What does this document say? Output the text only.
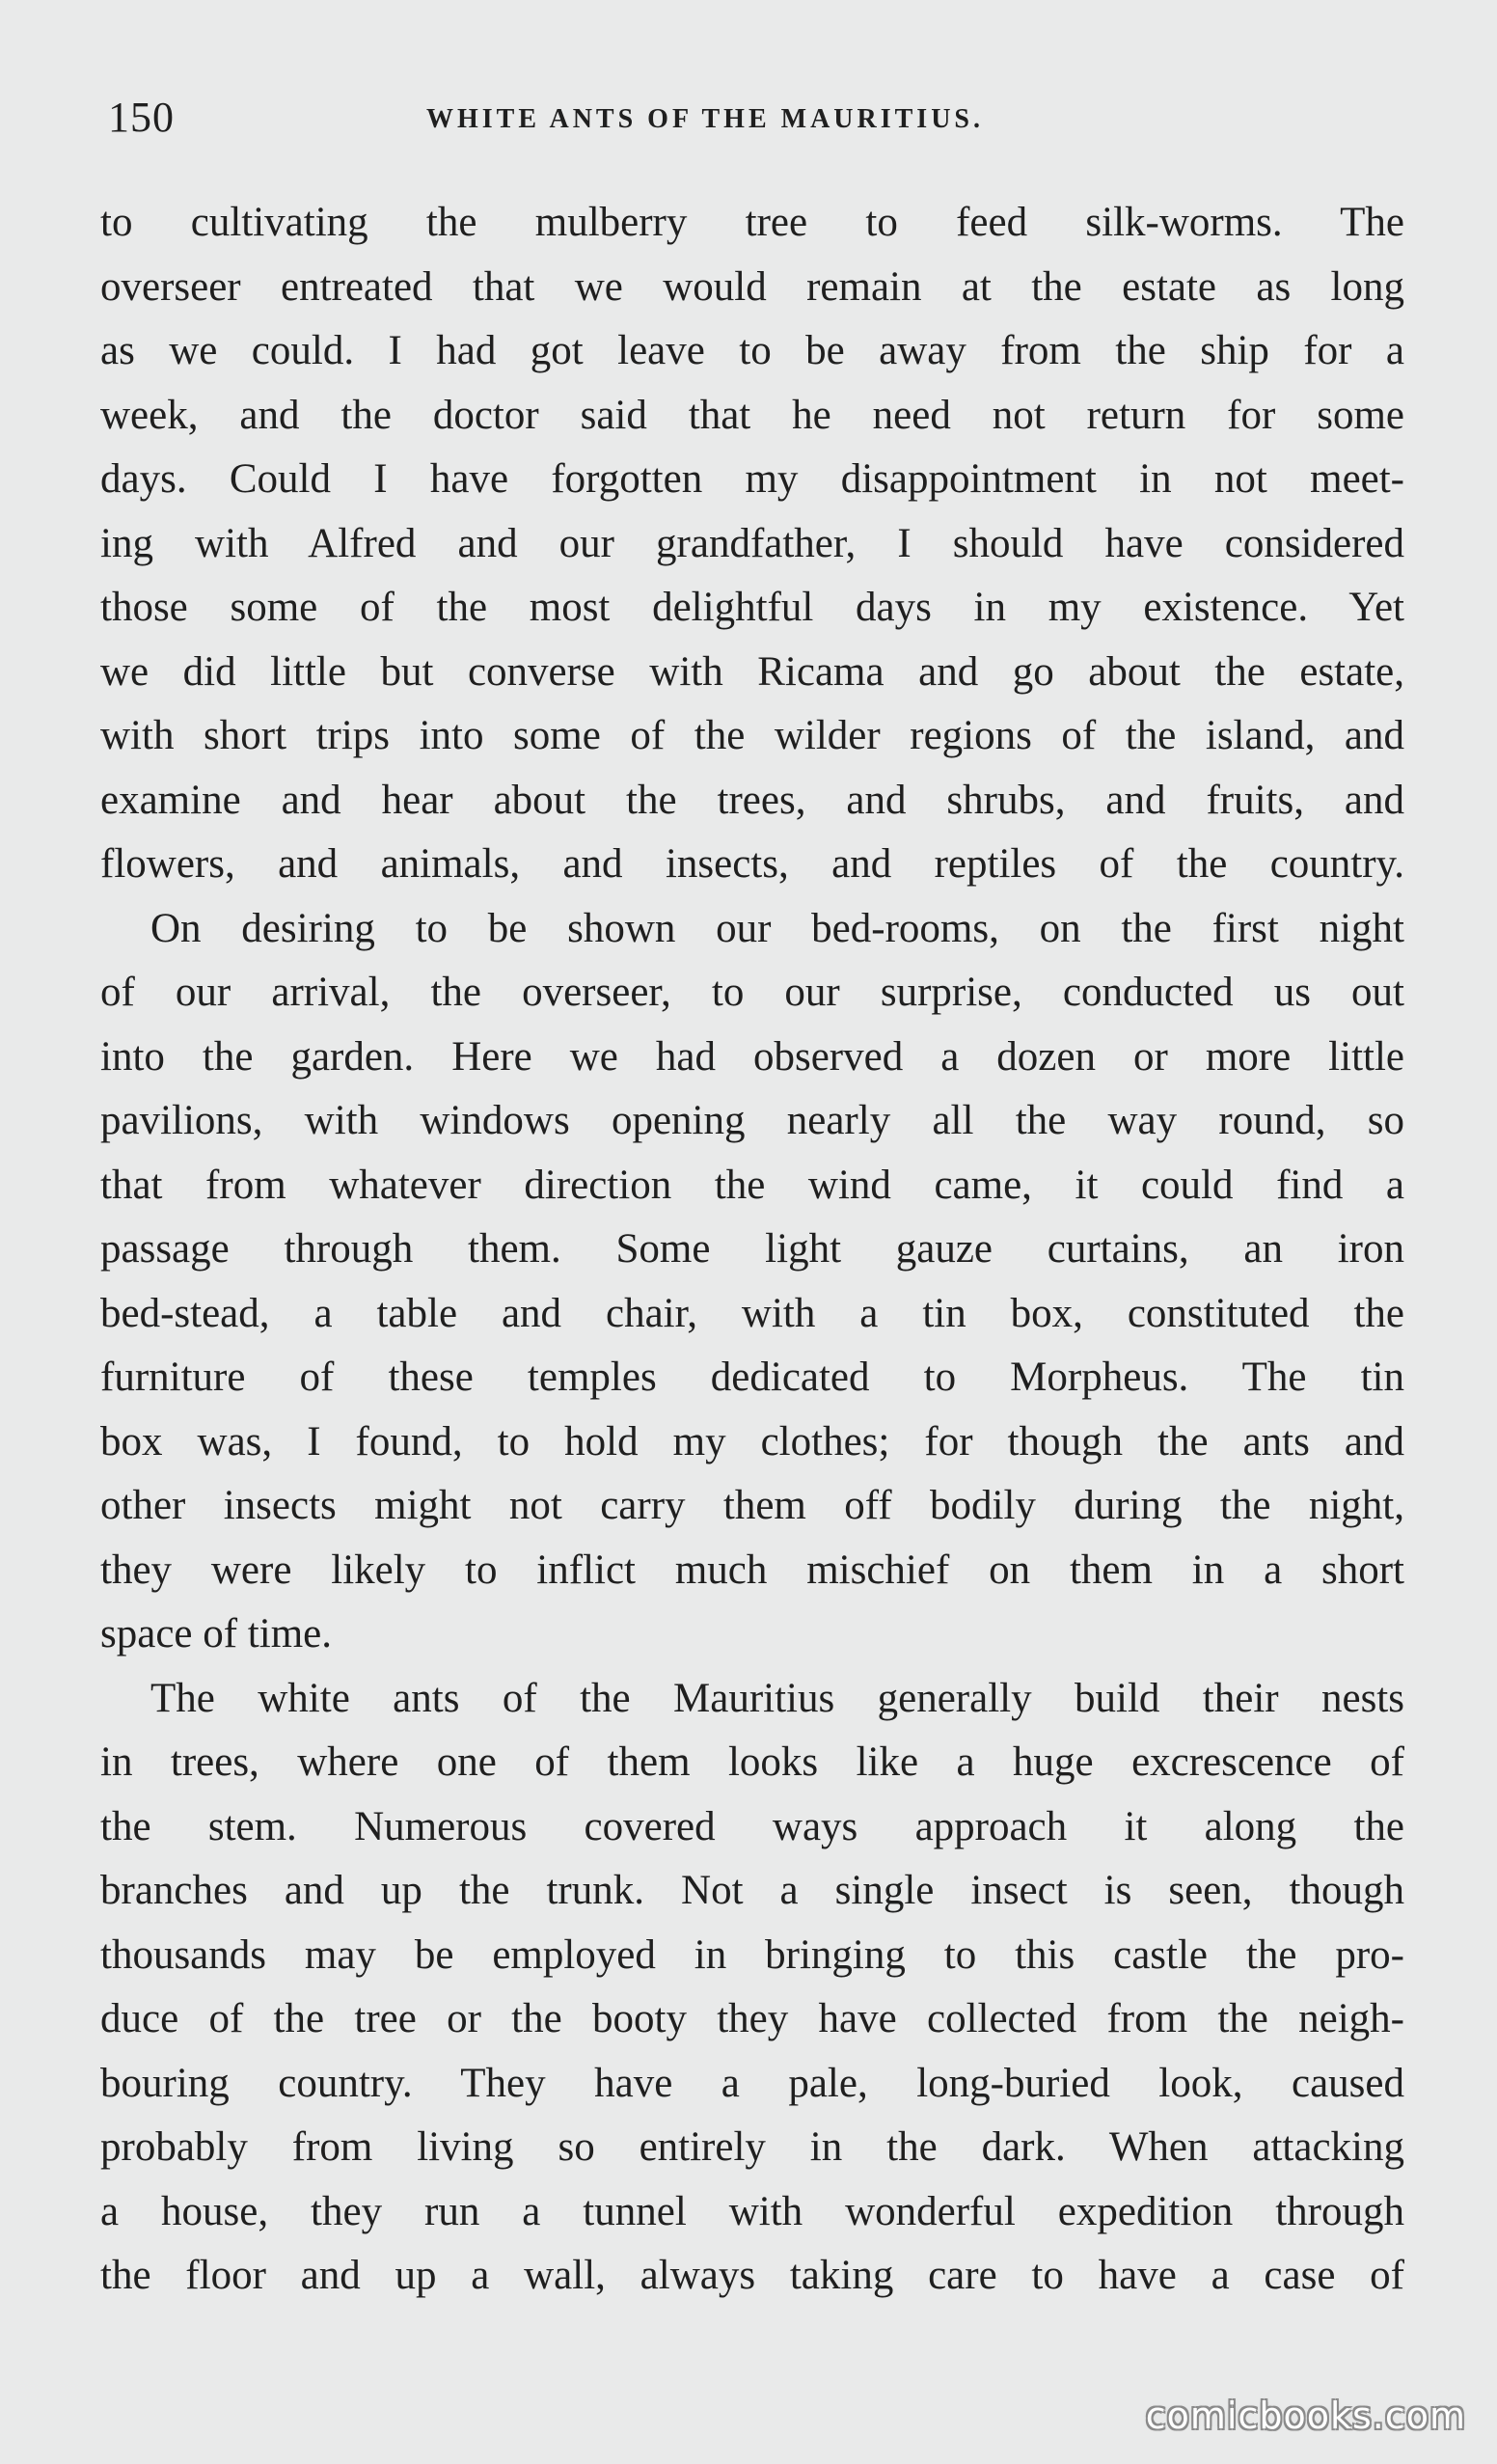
150	WHITE ANTS OF THE MAURITIUS.
to cultivating the mulberry tree to feed silk-worms. The
overseer entreated that we would remain at the estate as long
as we could. I had got leave to be away from the ship for a
week, and the doctor said that he need not return for some
days. Could I have forgotten my disappointment in not meet-
ing with Alfred and our grandfather, I should have considered
those some of the most delightful days in my existence. Yet
we did little but converse with Ricama and go about the estate,
with short trips into some of the wilder regions of the island, and
examine and hear about the trees, and shrubs, and fruits, and
flowers, and animals, and insects, and reptiles of the country.
On desiring to be shown our bed-rooms, on the first night
of our arrival, the overseer, to our surprise, conducted us out
into the garden. Here we had observed a dozen or more little
pavilions, with windows opening nearly all the way round, so
that from whatever direction the wind came, it could find a
passage through them. Some light gauze curtains, an iron
bed-stead, a table and chair, with a tin box, constituted the
furniture of these temples dedicated to Morpheus. The tin
box was, I found, to hold my clothes; for though the ants and
other insects might not carry them off bodily during the night,
they were likely to inflict much mischief on them in a short
space of time.
The white ants of the Mauritius generally build their nests
in trees, where one of them looks like a huge excrescence of
the stem. Numerous covered ways approach it along the
branches and up the trunk. Not a single insect is seen, though
thousands may be employed in bringing to this castle the pro-
duce of the tree or the booty they have collected from the neigh-
bouring country. They have a pale, long-buried look, caused
probably from living so entirely in the dark. When attacking
a house, they run a tunnel with wonderful expedition through
the floor and up a wall, always taking care to have a case of
comicbooks.com
